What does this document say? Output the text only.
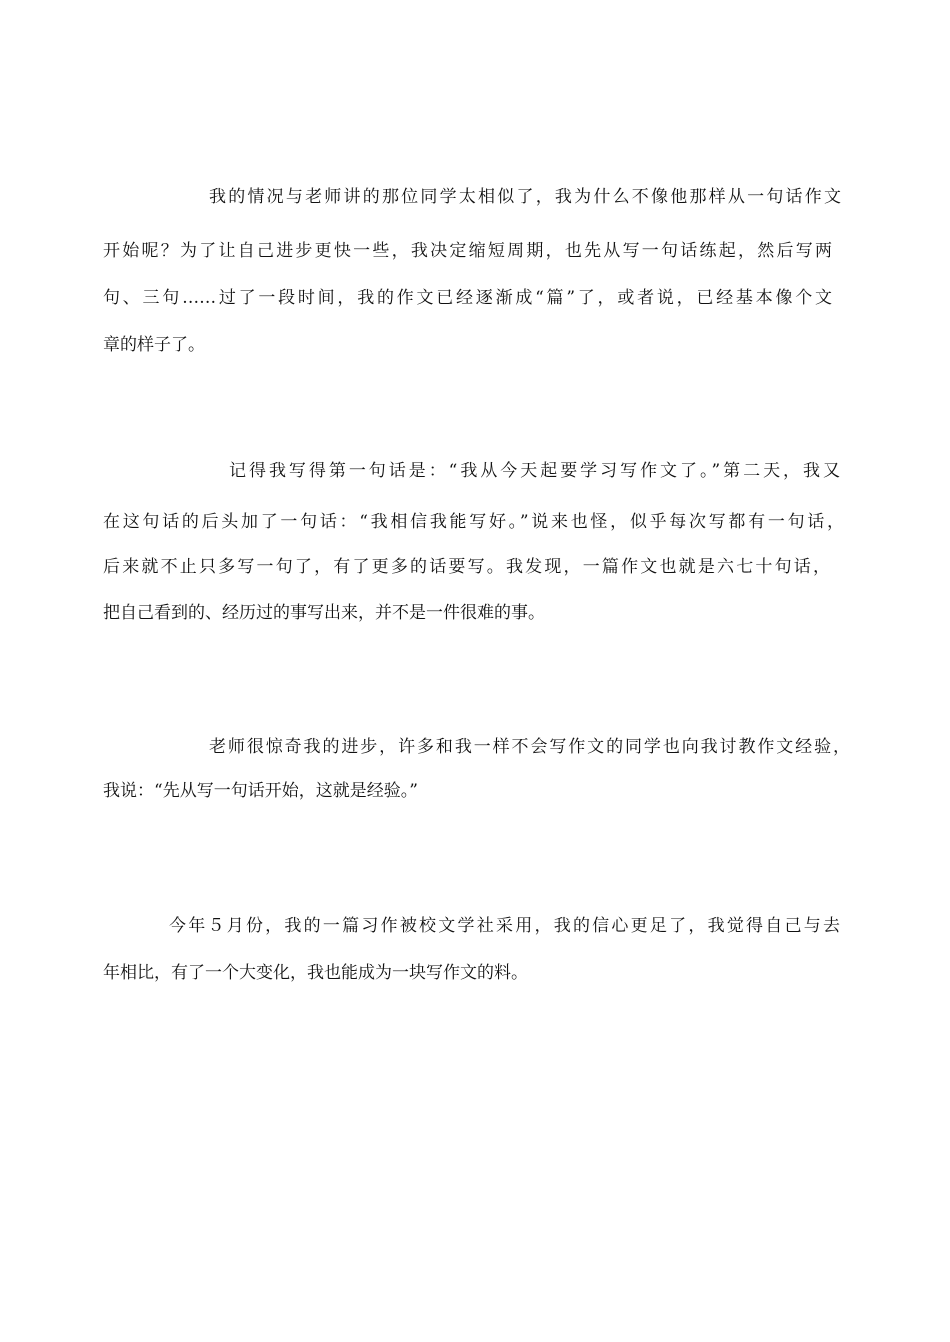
我的情况与老师讲的那位同学太相似了，我为什么不像他那样从一句话作文
开始呢？为了让自己进步更快一些，我决定缩短周期，也先从写一句话练起，然后写两
句、三句……过了一段时间，我的作文已经逐渐成“篇”了，或者说，已经基本像个文
章的样子了。
记得我写得第一句话是：“我从今天起要学习写作文了。”第二天，我又
在这句话的后头加了一句话：“我相信我能写好。”说来也怪，似乎每次写都有一句话，
后来就不止只多写一句了，有了更多的话要写。我发现，一篇作文也就是六七十句话，
把自己看到的、经历过的事写出来，并不是一件很难的事。
老师很惊奇我的进步，许多和我一样不会写作文的同学也向我讨教作文经验，
我说：“先从写一句话开始，这就是经验。”
今年５月份，我的一篇习作被校文学社采用，我的信心更足了，我觉得自己与去
年相比，有了一个大变化，我也能成为一块写作文的料。
